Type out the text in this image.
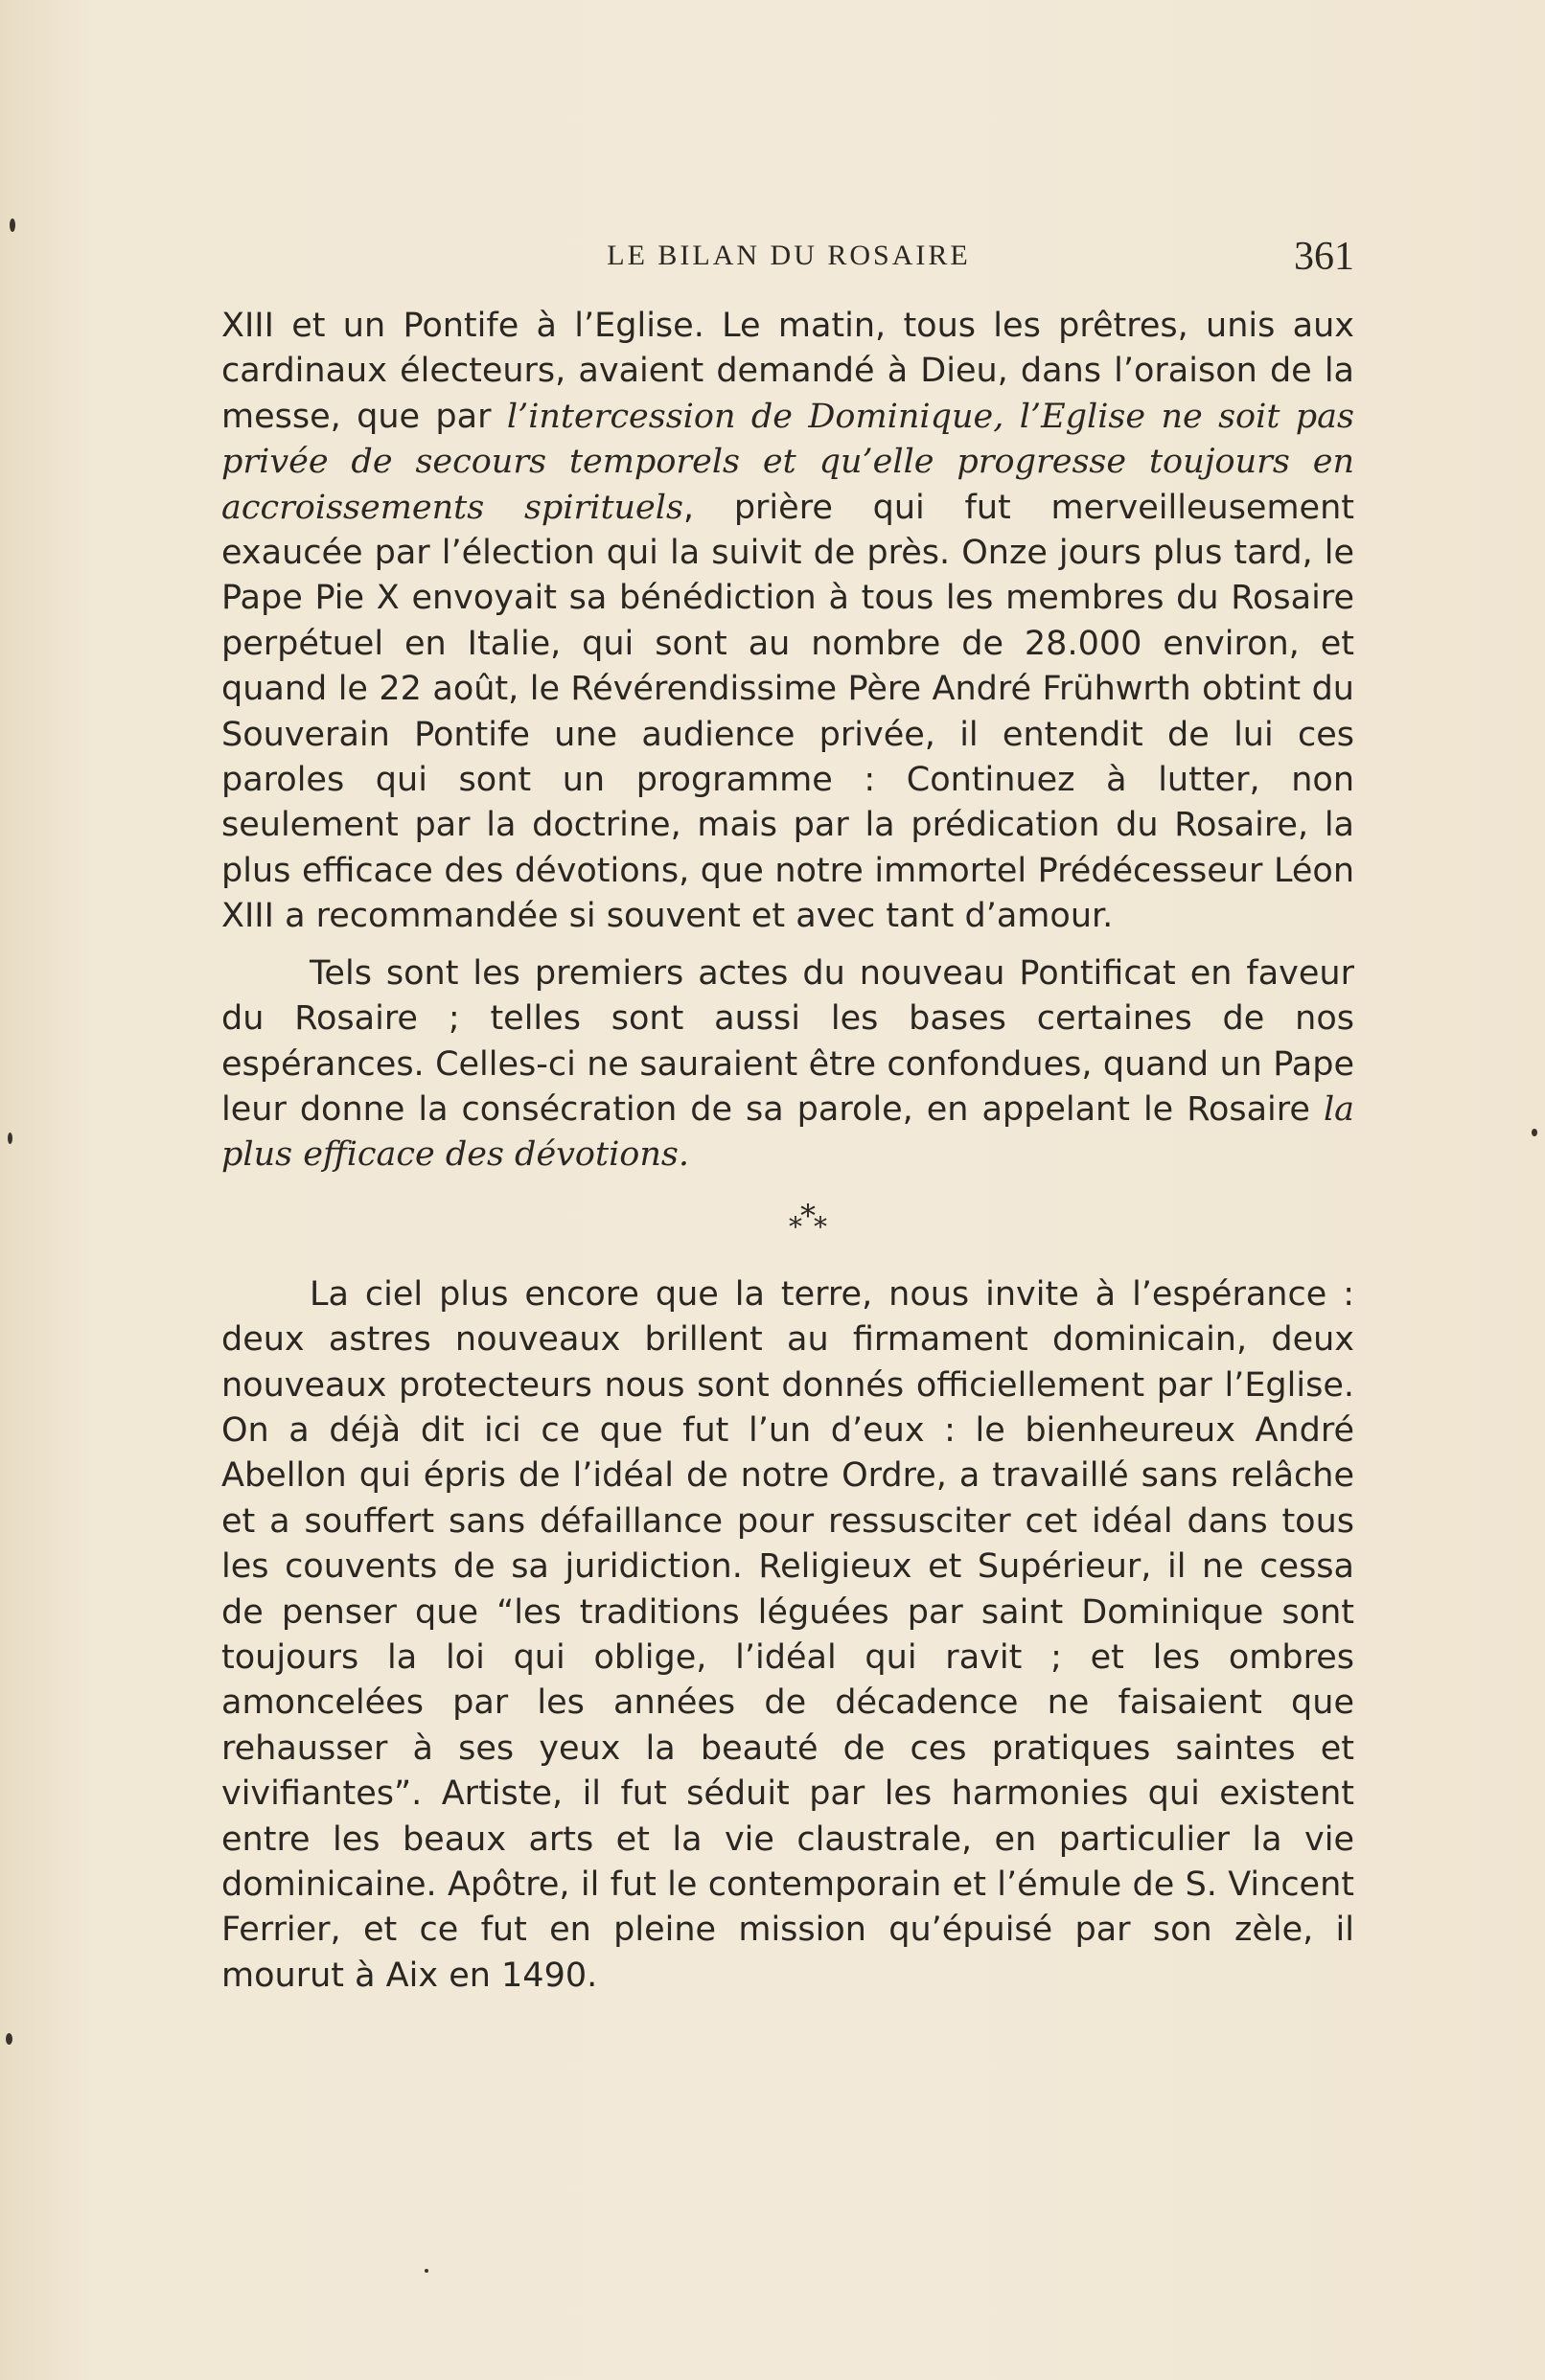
LE BILAN DU ROSAIRE	361

XIII et un Pontife à l’Eglise. Le matin, tous les prêtres, unis aux cardinaux électeurs, avaient demandé à Dieu, dans l’oraison de la messe, que par l’intercession de Dominique, l’Eglise ne soit pas privée de secours temporels et qu’elle progresse toujours en accroissements spirituels, prière qui fut merveilleusement exaucée par l’élection qui la suivit de près. Onze jours plus tard, le Pape Pie X envoyait sa bénédiction à tous les membres du Rosaire perpétuel en Italie, qui sont au nombre de 28.000 environ, et quand le 22 août, le Révérendissime Père André Frühwrth obtint du Souverain Pontife une audience privée, il entendit de lui ces paroles qui sont un programme : Continuez à lutter, non seulement par la doctrine, mais par la prédication du Rosaire, la plus efficace des dévotions, que notre immortel Prédécesseur Léon XIII a recommandée si souvent et avec tant d’amour.

Tels sont les premiers actes du nouveau Pontificat en faveur du Rosaire ; telles sont aussi les bases certaines de nos espérances. Celles-ci ne sauraient être confondues, quand un Pape leur donne la consécration de sa parole, en appelant le Rosaire la plus efficace des dévotions.

***

La ciel plus encore que la terre, nous invite à l’espérance : deux astres nouveaux brillent au firmament dominicain, deux nouveaux protecteurs nous sont donnés officiellement par l’Eglise. On a déjà dit ici ce que fut l’un d’eux : le bienheureux André Abellon qui épris de l’idéal de notre Ordre, a travaillé sans relâche et a souffert sans défaillance pour ressusciter cet idéal dans tous les couvents de sa juridiction. Religieux et Supérieur, il ne cessa de penser que “les traditions léguées par saint Dominique sont toujours la loi qui oblige, l’idéal qui ravit ; et les ombres amoncelées par les années de décadence ne faisaient que rehausser à ses yeux la beauté de ces pratiques saintes et vivifiantes”. Artiste, il fut séduit par les harmonies qui existent entre les beaux arts et la vie claustrale, en particulier la vie dominicaine. Apôtre, il fut le contemporain et l’émule de S. Vincent Ferrier, et ce fut en pleine mission qu’épuisé par son zèle, il mourut à Aix en 1490.
